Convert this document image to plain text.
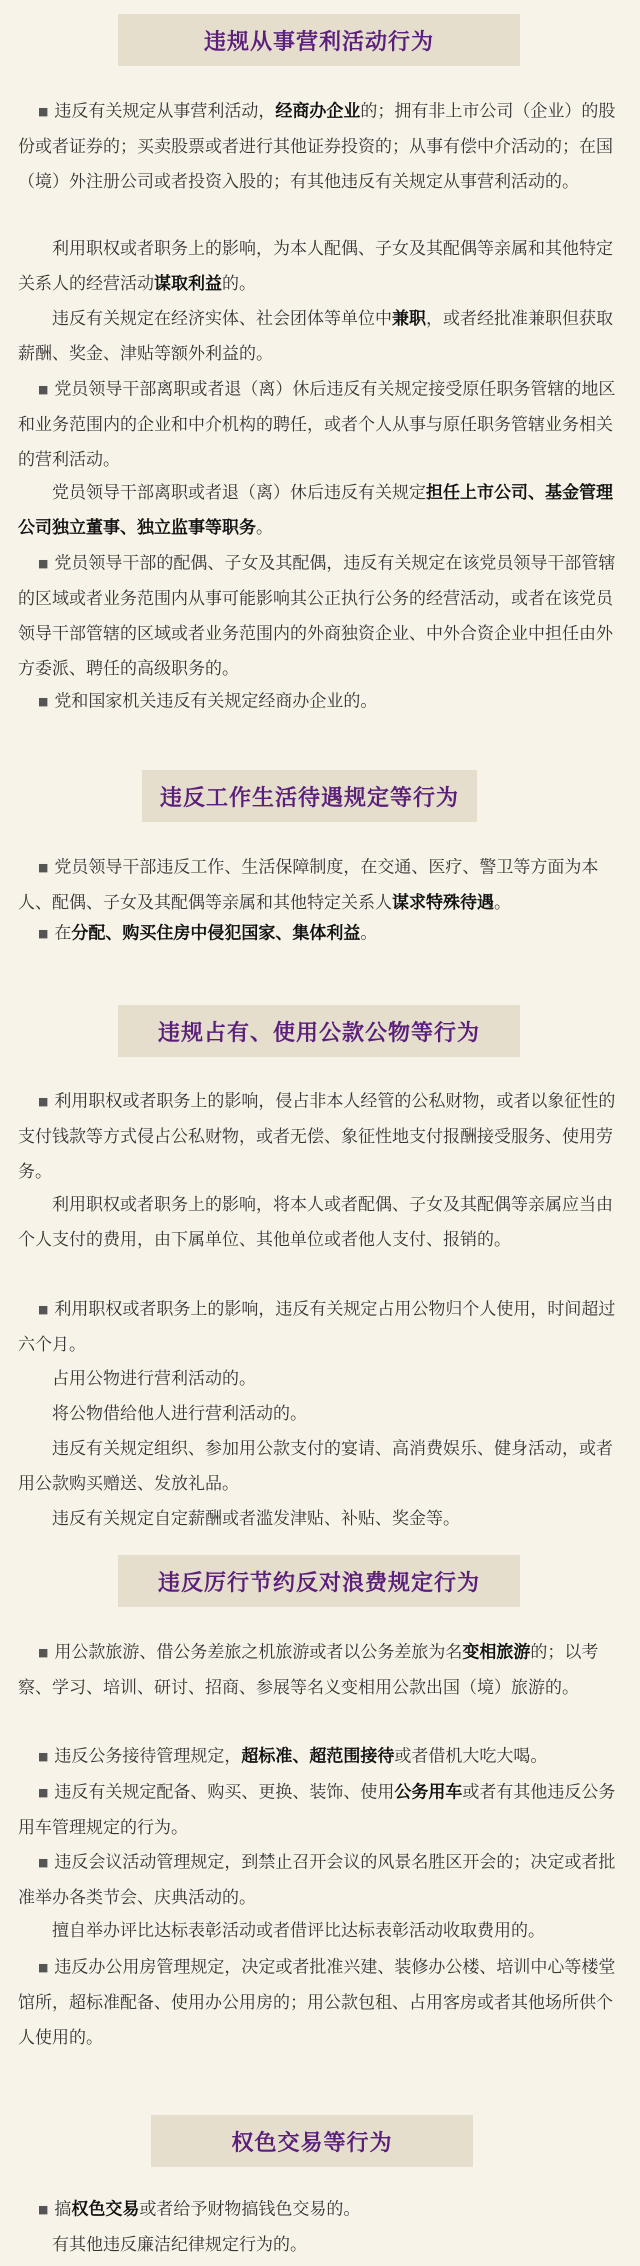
违规从事营利活动行为

■ 违反有关规定从事营利活动，经商办企业的；拥有非上市公司（企业）的股份或者证券的；买卖股票或者进行其他证券投资的；从事有偿中介活动的；在国（境）外注册公司或者投资入股的；有其他违反有关规定从事营利活动的。

利用职权或者职务上的影响，为本人配偶、子女及其配偶等亲属和其他特定关系人的经营活动谋取利益的。

违反有关规定在经济实体、社会团体等单位中兼职，或者经批准兼职但获取薪酬、奖金、津贴等额外利益的。

■ 党员领导干部离职或者退（离）休后违反有关规定接受原任职务管辖的地区和业务范围内的企业和中介机构的聘任，或者个人从事与原任职务管辖业务相关的营利活动。

党员领导干部离职或者退（离）休后违反有关规定担任上市公司、基金管理公司独立董事、独立监事等职务。

■ 党员领导干部的配偶、子女及其配偶，违反有关规定在该党员领导干部管辖的区域或者业务范围内从事可能影响其公正执行公务的经营活动，或者在该党员领导干部管辖的区域或者业务范围内的外商独资企业、中外合资企业中担任由外方委派、聘任的高级职务的。

■ 党和国家机关违反有关规定经商办企业的。

违反工作生活待遇规定等行为

■ 党员领导干部违反工作、生活保障制度，在交通、医疗、警卫等方面为本人、配偶、子女及其配偶等亲属和其他特定关系人谋求特殊待遇。

■ 在分配、购买住房中侵犯国家、集体利益。

违规占有、使用公款公物等行为

■ 利用职权或者职务上的影响，侵占非本人经管的公私财物，或者以象征性的支付钱款等方式侵占公私财物，或者无偿、象征性地支付报酬接受服务、使用劳务。

利用职权或者职务上的影响，将本人或者配偶、子女及其配偶等亲属应当由个人支付的费用，由下属单位、其他单位或者他人支付、报销的。

■ 利用职权或者职务上的影响，违反有关规定占用公物归个人使用，时间超过六个月。

占用公物进行营利活动的。

将公物借给他人进行营利活动的。

违反有关规定组织、参加用公款支付的宴请、高消费娱乐、健身活动，或者用公款购买赠送、发放礼品。

违反有关规定自定薪酬或者滥发津贴、补贴、奖金等。

违反厉行节约反对浪费规定行为

■ 用公款旅游、借公务差旅之机旅游或者以公务差旅为名变相旅游的；以考察、学习、培训、研讨、招商、参展等名义变相用公款出国（境）旅游的。

■ 违反公务接待管理规定，超标准、超范围接待或者借机大吃大喝。

■ 违反有关规定配备、购买、更换、装饰、使用公务用车或者有其他违反公务用车管理规定的行为。

■ 违反会议活动管理规定，到禁止召开会议的风景名胜区开会的；决定或者批准举办各类节会、庆典活动的。

擅自举办评比达标表彰活动或者借评比达标表彰活动收取费用的。

■ 违反办公用房管理规定，决定或者批准兴建、装修办公楼、培训中心等楼堂馆所，超标准配备、使用办公用房的；用公款包租、占用客房或者其他场所供个人使用的。

权色交易等行为

■ 搞权色交易或者给予财物搞钱色交易的。

有其他违反廉洁纪律规定行为的。
